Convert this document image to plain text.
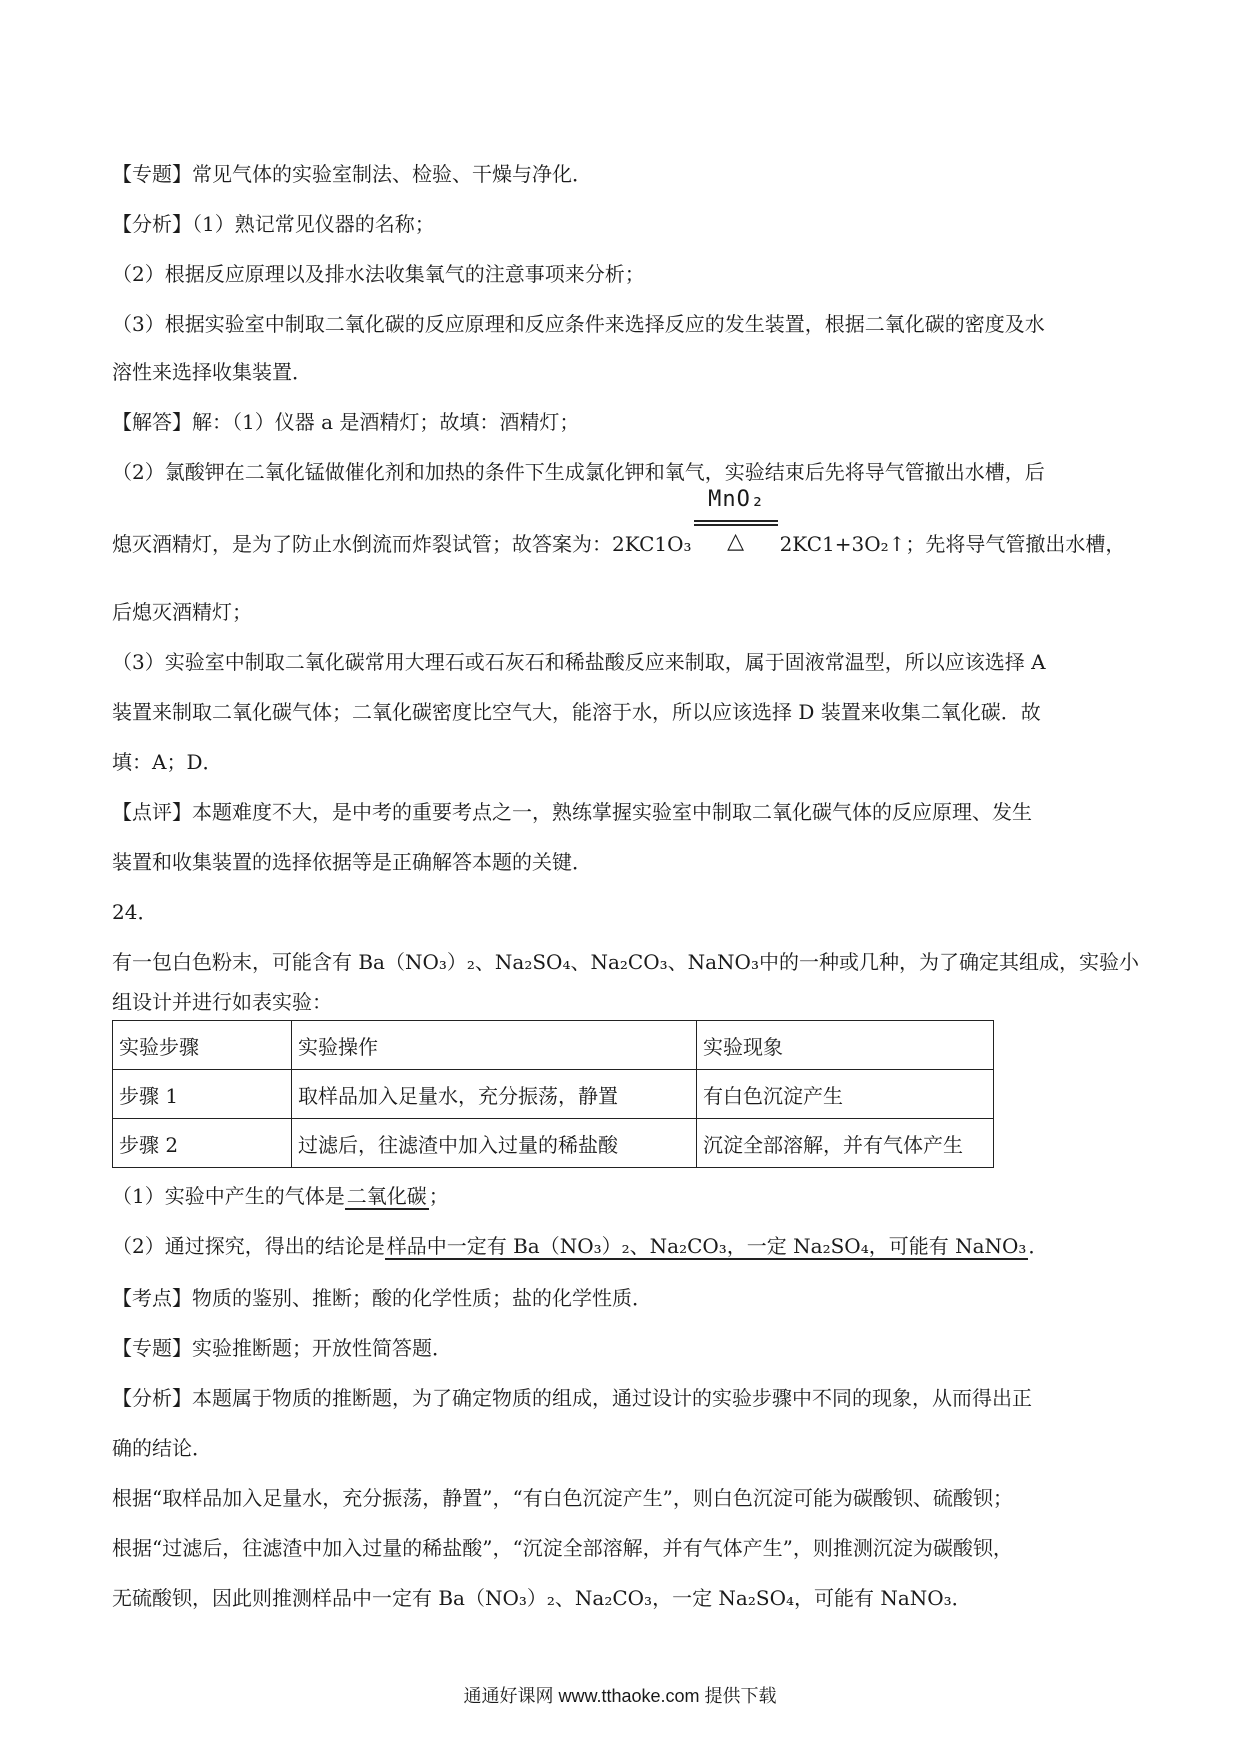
【专题】常见气体的实验室制法、检验、干燥与净化．

【分析】（1）熟记常见仪器的名称；

（2）根据反应原理以及排水法收集氧气的注意事项来分析；

（3）根据实验室中制取二氧化碳的反应原理和反应条件来选择反应的发生装置，根据二氧化碳的密度及水

溶性来选择收集装置．

【解答】解：（1）仪器 a 是酒精灯；故填：酒精灯；

（2）氯酸钾在二氧化锰做催化剂和加热的条件下生成氯化钾和氧气，实验结束后先将导气管撤出水槽，后

熄灭酒精灯，是为了防止水倒流而炸裂试管；故答案为：2KC1O₃
MnO₂
△	2KC1+3O₂↑；先将导气管撤出水槽，

后熄灭酒精灯；

（3）实验室中制取二氧化碳常用大理石或石灰石和稀盐酸反应来制取，属于固液常温型，所以应该选择 A

装置来制取二氧化碳气体；二氧化碳密度比空气大，能溶于水，所以应该选择 D 装置来收集二氧化碳．故

填：A；D．

【点评】本题难度不大，是中考的重要考点之一，熟练掌握实验室中制取二氧化碳气体的反应原理、发生

装置和收集装置的选择依据等是正确解答本题的关键．

24．

有一包白色粉末，可能含有 Ba（NO₃）₂、Na₂SO₄、Na₂CO₃、NaNO₃中的一种或几种，为了确定其组成，实验小

组设计并进行如表实验：

实验步骤	实验操作	实验现象
步骤 1	取样品加入足量水，充分振荡，静置	有白色沉淀产生
步骤 2	过滤后，往滤渣中加入过量的稀盐酸	沉淀全部溶解，并有气体产生

（1）实验中产生的气体是 二氧化碳 ；

（2）通过探究，得出的结论是 样品中一定有 Ba（NO₃）₂、Na₂CO₃，一定 Na₂SO₄，可能有 NaNO₃ ．

【考点】物质的鉴别、推断；酸的化学性质；盐的化学性质．

【专题】实验推断题；开放性简答题．

【分析】本题属于物质的推断题，为了确定物质的组成，通过设计的实验步骤中不同的现象，从而得出正

确的结论．

根据“取样品加入足量水，充分振荡，静置”，“有白色沉淀产生”，则白色沉淀可能为碳酸钡、硫酸钡；

根据“过滤后，往滤渣中加入过量的稀盐酸”，“沉淀全部溶解，并有气体产生”，则推测沉淀为碳酸钡，

无硫酸钡，因此则推测样品中一定有 Ba（NO₃）₂、Na₂CO₃，一定 Na₂SO₄，可能有 NaNO₃．

通通好课网 www.tthaoke.com 提供下载
